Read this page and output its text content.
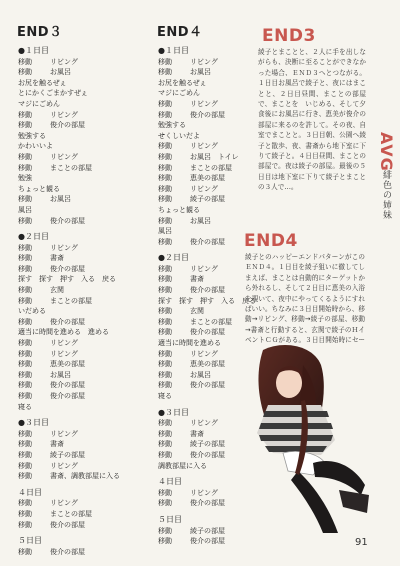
END３
●１日目
移動	リビング
移動	お風呂
お尻を触るぜぇ
とにかくごまかすぜぇ
マジにごめん
移動	リビング
移動	俊介の部屋
勉強する
かわいいよ
移動	リビング
移動	まことの部屋
勉強
ちょっと観る
移動	お風呂
風呂
移動	俊介の部屋
●２日目
移動	リビング
移動	書斎
移動	俊介の部屋
探す　探す　押す　入る　戻る
移動	玄関
移動	まことの部屋
いだめる
移動	俊介の部屋
適当に時間を進める　進める
移動	リビング
移動	リビング
移動	恵美の部屋
移動	お風呂
移動	俊介の部屋
移動	俊介の部屋
寝る
●３日目
移動	リビング
移動	書斎
移動	綾子の部屋
移動	リビング
移動	書斎、調教部屋に入る
４日目
移動	リビング
移動	まことの部屋
移動	俊介の部屋
５日目
移動	俊介の部屋
END４
●１日目
移動	リビング
移動	お風呂
お尻を触るぜぇ
マジにごめん
移動	リビング
移動	俊介の部屋
勉強する
せくしいだよ
移動	リビング
移動	お風呂　トイレ
移動	まことの部屋
移動	恵美の部屋
移動	リビング
移動	綾子の部屋
ちょっと観る
移動	お風呂
風呂
移動	俊介の部屋
●２日目
移動	リビング
移動	書斎
移動	俊介の部屋
探す　探す　押す　入る　戻る
移動	玄関
移動	まことの部屋
移動	俊介の部屋
適当に時間を進める
移動	リビング
移動	恵美の部屋
移動	お風呂
移動	俊介の部屋
寝る
●３日目
移動	リビング
移動	書斎
移動	綾子の部屋
移動	俊介の部屋
調教部屋に入る
４日目
移動	リビング
移動	俊介の部屋
５日目
移動	綾子の部屋
移動	俊介の部屋
END3
綾子とまことと、２人に手を出しながらも、決断に至ることができなかった場合、ＥＮＤ３へとつながる。１日目お風呂で綾子と、夜にはまことと、２日目昼間、まことの部屋で、まことを　いじめる、そして夕食後にお風呂に行き、恵美が俊介の部屋に来るのを許して。その夜、自室でまことと。３日目朝、公園へ綾子と散歩、夜、書斎から地下室に下りて綾子と。４日目昼間、まことの部屋で。夜は綾子の部屋。最後の５日目は地下室に下りて綾子とまことの３人で…。
END4
綾子とのハッピーエンドパターンがこのＥＮＤ４。１日目を綾子狙いに徹してしまえば、まことは自動的にターゲットから外れるし、そして２日目に恵美の入浴を覗いて、夜中にやってくるようにすればいい。ちなみに３日目開始時から、移動→リビング、移動→綾子の部屋、移動→書斎と行動すると、玄関で綾子のＨイベントＣＧがある。３日目開始時にセー
AVG
緋色の姉妹
91
